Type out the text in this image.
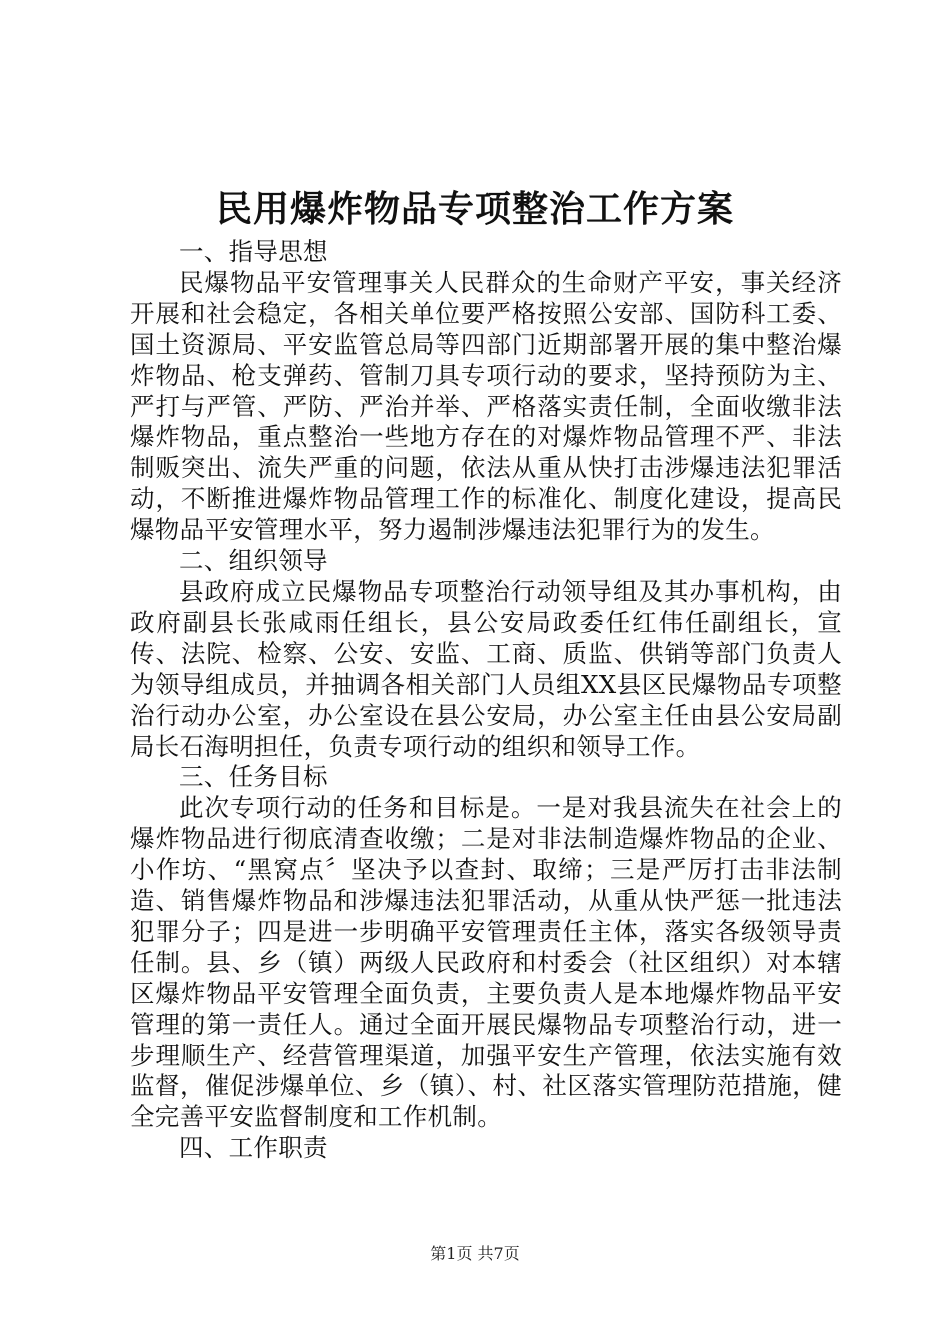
民用爆炸物品专项整治工作方案

一、指导思想

民爆物品平安管理事关人民群众的生命财产平安，事关经济开展和社会稳定，各相关单位要严格按照公安部、国防科工委、国土资源局、平安监管总局等四部门近期部署开展的集中整治爆炸物品、枪支弹药、管制刀具专项行动的要求，坚持预防为主、严打与严管、严防、严治并举、严格落实责任制，全面收缴非法爆炸物品，重点整治一些地方存在的对爆炸物品管理不严、非法制贩突出、流失严重的问题，依法从重从快打击涉爆违法犯罪活动，不断推进爆炸物品管理工作的标准化、制度化建设，提高民爆物品平安管理水平，努力遏制涉爆违法犯罪行为的发生。

二、组织领导

县政府成立民爆物品专项整治行动领导组及其办事机构，由政府副县长张咸雨任组长，县公安局政委任红伟任副组长，宣传、法院、检察、公安、安监、工商、质监、供销等部门负责人为领导组成员，并抽调各相关部门人员组XX县区民爆物品专项整治行动办公室，办公室设在县公安局，办公室主任由县公安局副局长石海明担任，负责专项行动的组织和领导工作。

三、任务目标

此次专项行动的任务和目标是。一是对我县流失在社会上的爆炸物品进行彻底清查收缴；二是对非法制造爆炸物品的企业、小作坊、“黑窝点〞坚决予以查封、取缔；三是严厉打击非法制造、销售爆炸物品和涉爆违法犯罪活动，从重从快严惩一批违法犯罪分子；四是进一步明确平安管理责任主体，落实各级领导责任制。县、乡（镇）两级人民政府和村委会（社区组织）对本辖区爆炸物品平安管理全面负责，主要负责人是本地爆炸物品平安管理的第一责任人。通过全面开展民爆物品专项整治行动，进一步理顺生产、经营管理渠道，加强平安生产管理，依法实施有效监督，催促涉爆单位、乡（镇）、村、社区落实管理防范措施，健全完善平安监督制度和工作机制。

四、工作职责

第1页 共7页
